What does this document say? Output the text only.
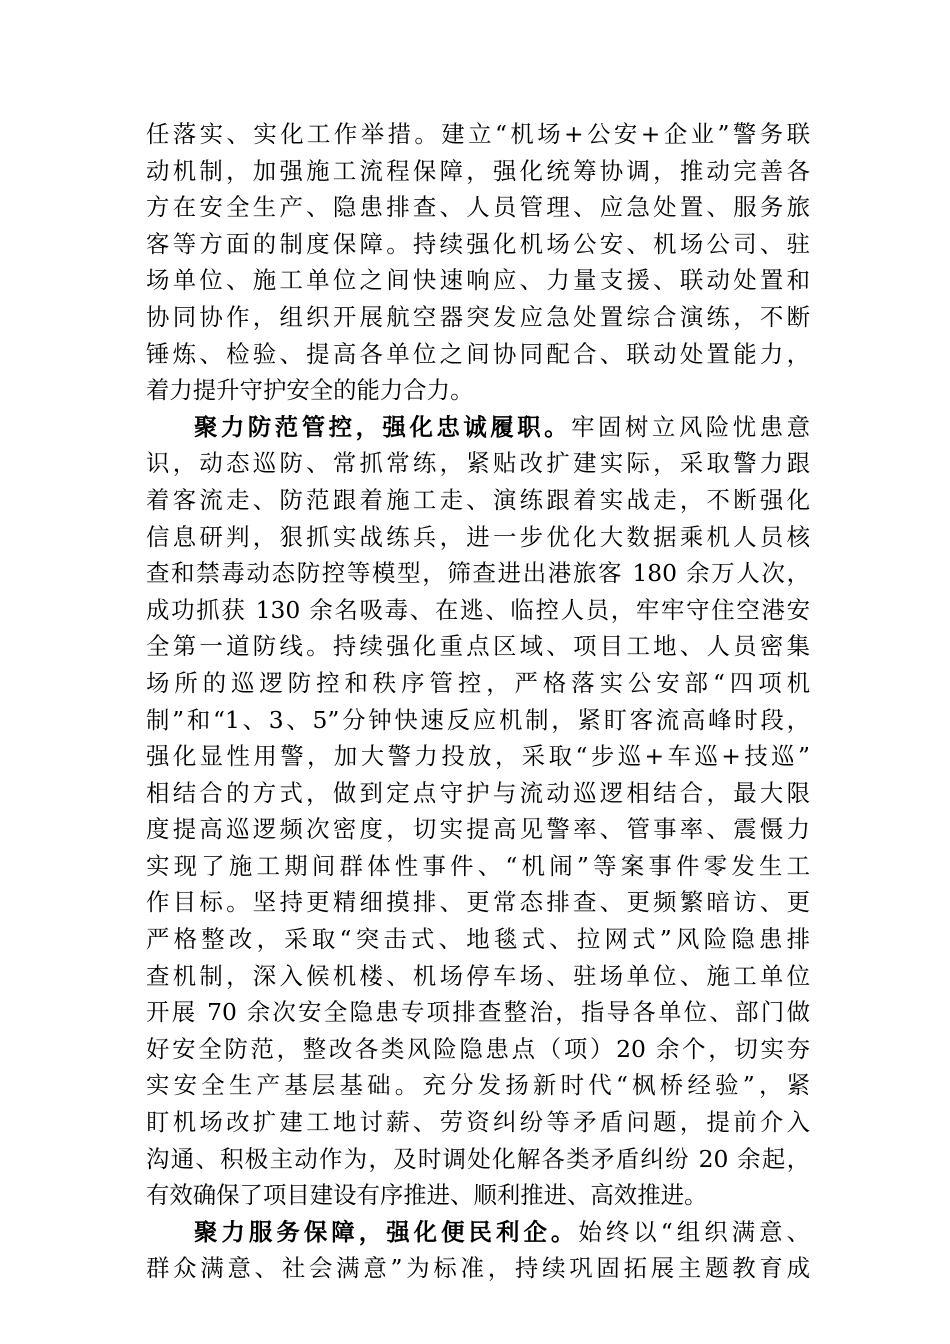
任落实、实化工作举措。建立“机场+公安+企业”警务联
动机制，加强施工流程保障，强化统筹协调，推动完善各
方在安全生产、隐患排查、人员管理、应急处置、服务旅
客等方面的制度保障。持续强化机场公安、机场公司、驻
场单位、施工单位之间快速响应、力量支援、联动处置和
协同协作，组织开展航空器突发应急处置综合演练，不断
锤炼、检验、提高各单位之间协同配合、联动处置能力，
着力提升守护安全的能力合力。
聚力防范管控，强化忠诚履职。牢固树立风险忧患意
识，动态巡防、常抓常练，紧贴改扩建实际，采取警力跟
着客流走、防范跟着施工走、演练跟着实战走，不断强化
信息研判，狠抓实战练兵，进一步优化大数据乘机人员核
查和禁毒动态防控等模型，筛查进出港旅客 180 余万人次，
成功抓获 130 余名吸毒、在逃、临控人员，牢牢守住空港安
全第一道防线。持续强化重点区域、项目工地、人员密集
场所的巡逻防控和秩序管控，严格落实公安部“四项机
制”和“1、3、5”分钟快速反应机制，紧盯客流高峰时段，
强化显性用警，加大警力投放，采取“步巡+车巡+技巡”
相结合的方式，做到定点守护与流动巡逻相结合，最大限
度提高巡逻频次密度，切实提高见警率、管事率、震慑力
实现了施工期间群体性事件、“机闹”等案事件零发生工
作目标。坚持更精细摸排、更常态排查、更频繁暗访、更
严格整改，采取“突击式、地毯式、拉网式”风险隐患排
查机制，深入候机楼、机场停车场、驻场单位、施工单位
开展 70 余次安全隐患专项排查整治，指导各单位、部门做
好安全防范，整改各类风险隐患点（项）20 余个，切实夯
实安全生产基层基础。充分发扬新时代“枫桥经验”，紧
盯机场改扩建工地讨薪、劳资纠纷等矛盾问题，提前介入
沟通、积极主动作为，及时调处化解各类矛盾纠纷 20 余起，
有效确保了项目建设有序推进、顺利推进、高效推进。
聚力服务保障，强化便民利企。始终以“组织满意、
群众满意、社会满意”为标准，持续巩固拓展主题教育成
